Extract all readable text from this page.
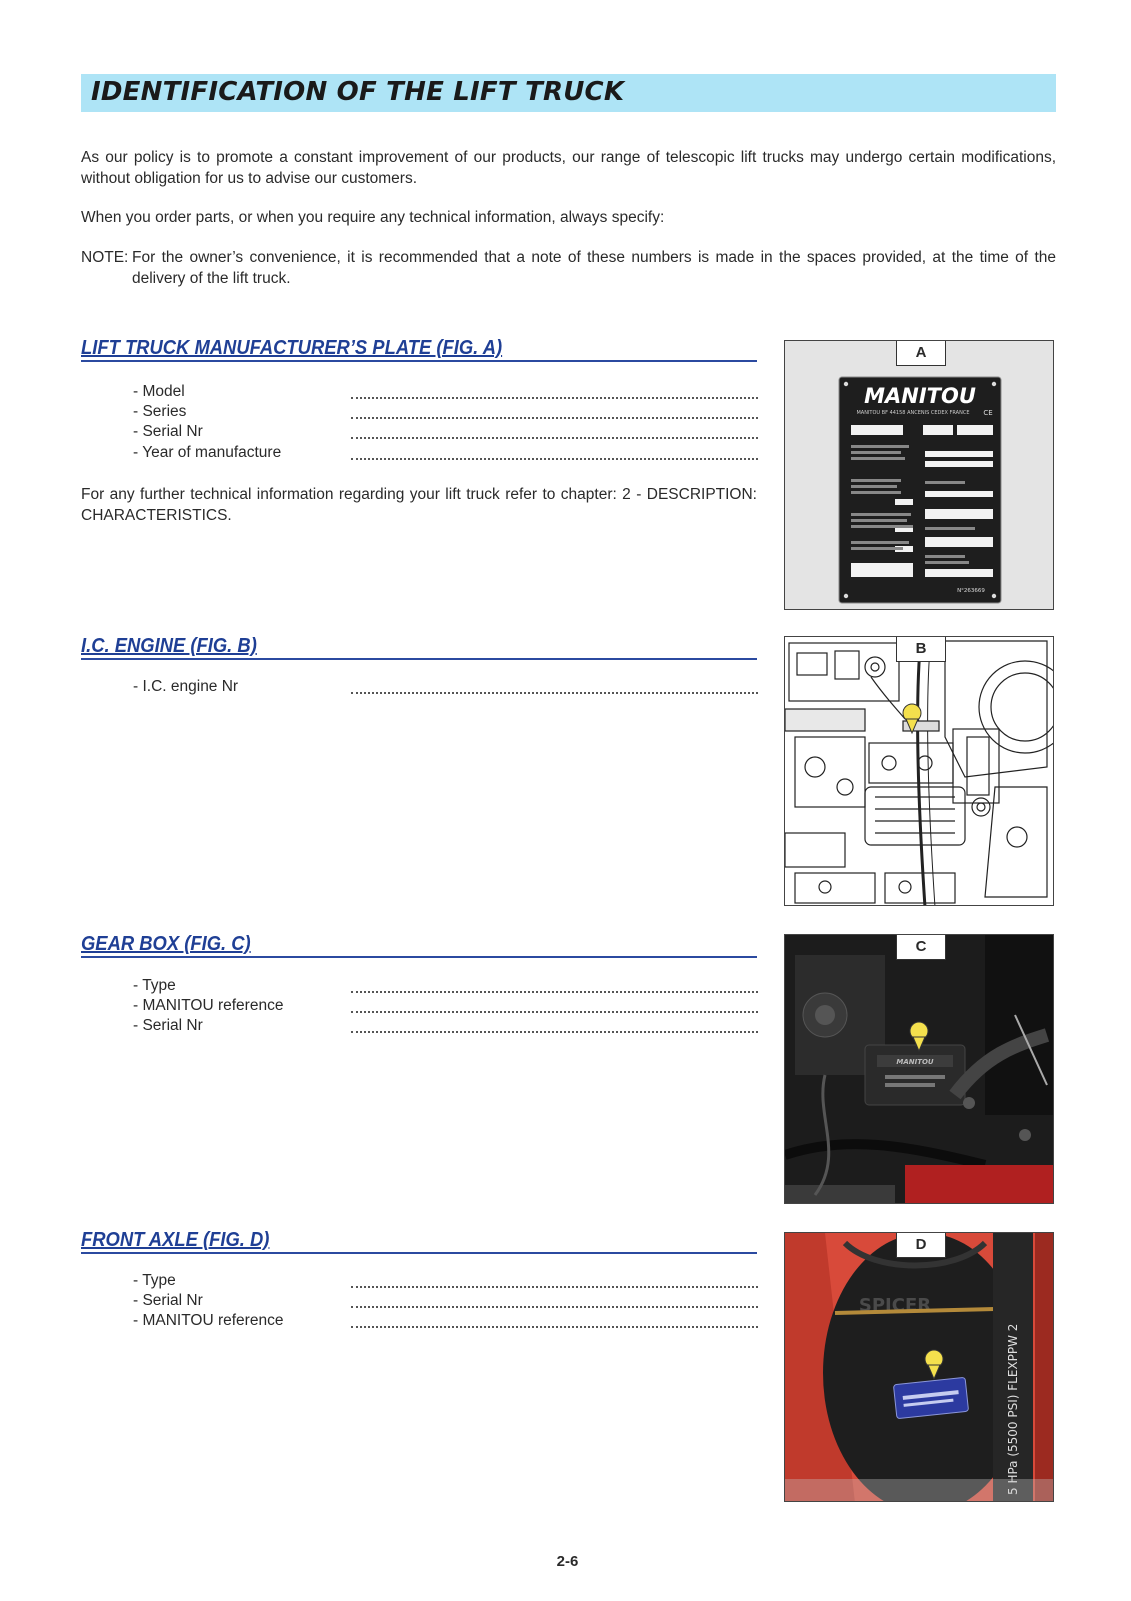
IDENTIFICATION OF THE LIFT TRUCK

As our policy is to promote a constant improvement of our products, our range of telescopic lift trucks may undergo certain modifications, without obligation for us to advise our customers.

When you order parts, or when you require any technical information, always specify:

NOTE: For the owner’s convenience, it is recommended that a note of these numbers is made in the spaces provided, at the time of the delivery of the lift truck.
LIFT TRUCK MANUFACTURER’S PLATE (FIG. A)
- Model
- Series
- Serial Nr
- Year of manufacture

For any further technical information regarding your lift truck refer to chapter: 2 - DESCRIPTION: CHARACTERISTICS.

A
MANITOU
MANITOU BF 44158 ANCENIS CEDEX FRANCE CE
N°263669
I.C. ENGINE (FIG. B)
- I.C. engine Nr
B
GEAR BOX (FIG. C)
- Type
- MANITOU reference
- Serial Nr
C
MANITOU
FRONT AXLE (FIG. D)
- Type
- Serial Nr
- MANITOU reference
D
SPICER
5 HPa (5500 PSI) FLEXPPW 2
2-6
